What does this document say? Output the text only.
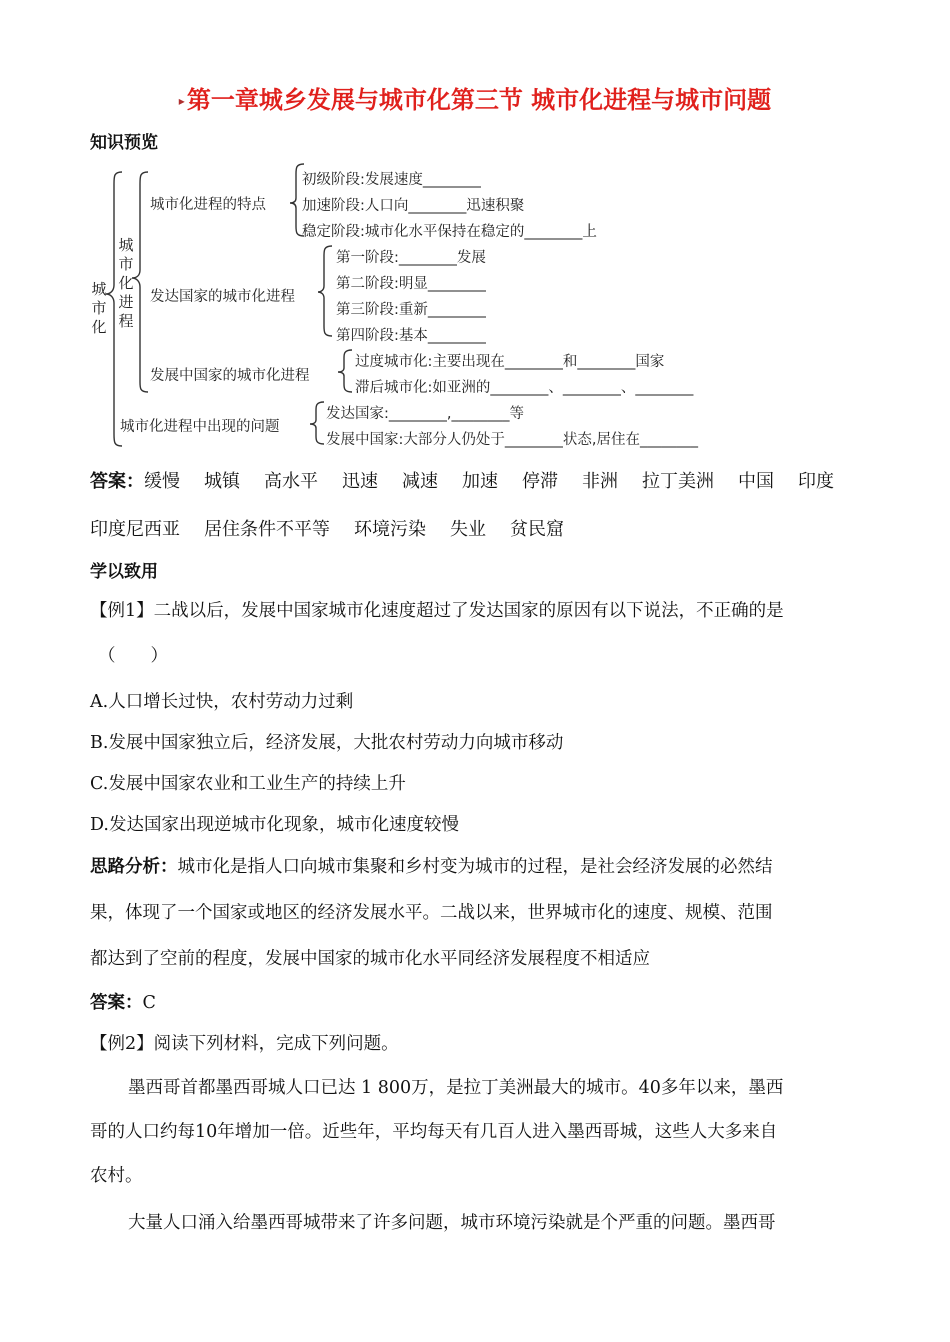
▸第一章城乡发展与城市化第三节 城市化进程与城市问题
知识预览
城市化
城市化进程
城市化进程的特点
初级阶段:发展速度________
加速阶段:人口向________迅速积聚
稳定阶段:城市化水平保持在稳定的________上
发达国家的城市化进程
第一阶段:________发展
第二阶段:明显________
第三阶段:重新________
第四阶段:基本________
发展中国家的城市化进程
过度城市化:主要出现在________和________国家
滞后城市化:如亚洲的________、________、________
城市化进程中出现的问题
发达国家:________,________等
发展中国家:大部分人仍处于________状态,居住在________
答案：缓慢 城镇 高水平 迅速 减速 加速 停滞 非洲 拉丁美洲 中国 印度
印度尼西亚 居住条件不平等 环境污染 失业 贫民窟
学以致用
【例1】二战以后，发展中国家城市化速度超过了发达国家的原因有以下说法，不正确的是
（　　）
A.人口增长过快，农村劳动力过剩
B.发展中国家独立后，经济发展，大批农村劳动力向城市移动
C.发展中国家农业和工业生产的持续上升
D.发达国家出现逆城市化现象，城市化速度较慢
思路分析：城市化是指人口向城市集聚和乡村变为城市的过程，是社会经济发展的必然结
果，体现了一个国家或地区的经济发展水平。二战以来，世界城市化的速度、规模、范围
都达到了空前的程度，发展中国家的城市化水平同经济发展程度不相适应
答案：C
【例2】阅读下列材料，完成下列问题。
墨西哥首都墨西哥城人口已达 1 800万，是拉丁美洲最大的城市。40多年以来，墨西
哥的人口约每10年增加一倍。近些年，平均每天有几百人进入墨西哥城，这些人大多来自
农村。
大量人口涌入给墨西哥城带来了许多问题，城市环境污染就是个严重的问题。墨西哥
